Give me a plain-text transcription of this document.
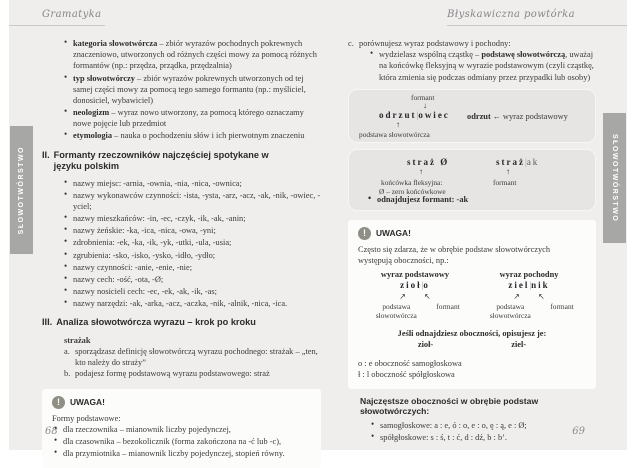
Gramatyka	Błyskawiczna powtórka
SŁOWOTWÓRSTWO	SŁOWOTWÓRSTWO
• kategoria słowotwórcza – zbiór wyrazów pochodnych pokrewnych znaczeniowo, utworzonych od różnych części mowy za pomocą różnych formantów (np.: przędza, prządka, przędzalnia)
• typ słowotwórczy – zbiór wyrazów pokrewnych utworzonych od tej samej części mowy za pomocą tego samego formantu (np.: myśliciel, donosiciel, wybawiciel)
• neologizm – wyraz nowo utworzony, za pomocą którego oznaczamy nowe pojęcie lub przedmiot
• etymologia – nauka o pochodzeniu słów i ich pierwotnym znaczeniu
II. Formanty rzeczowników najczęściej spotykane w języku polskim
• nazwy miejsc: -arnia, -ownia, -nia, -nica, -ownica;
• nazwy wykonawców czynności: -ista, -ysta, -arz, -acz, -ak, -nik, -owiec, -yciel;
• nazwy mieszkańców: -in, -ec, -czyk, -ik, -ak, -anin;
• nazwy żeńskie: -ka, -ica, -nica, -owa, -yni;
• zdrobnienia: -ek, -ka, -ik, -yk, -utki, -ula, -usia;
• zgrubienia: -sko, -isko, -ysko, -idło, -ydło;
• nazwy czynności: -anie, -enie, -nie;
• nazwy cech: -ość, -ota, -Ø;
• nazwy nosicieli cech: -ec, -ek, -ak, -ik, -as;
• nazwy narzędzi: -ak, -arka, -acz, -aczka, -nik, -alnik, -nica, -ica.
III. Analiza słowotwórcza wyrazu – krok po kroku
strażak
a. sporządzasz definicję słowotwórczą wyrazu pochodnego: strażak – „ten, kto należy do straży”
b. podajesz formę podstawową wyrazu podstawowego: straż
!	UWAGA!
Formy podstawowe:
• dla rzeczownika – mianownik liczby pojedynczej,
• dla czasownika – bezokolicznik (forma zakończona na -ć lub -c),
• dla przymiotnika – mianownik liczby pojedynczej, stopień równy.
c. porównujesz wyraz podstawowy i pochodny:
• wydzielasz wspólną cząstkę – podstawę słowotwórczą, uważaj na końcówkę fleksyjną w wyrazie podstawowym (czyli cząstkę, która zmienia się podczas odmiany przez przypadki lub osoby)
formant
↓
odrzut|owiec
↑
podstawa słowotwórcza
odrzut ← wyraz podstawowy
straż Ø
↑
końcówka fleksyjna:
Ø – zero końcówkowe
straż|ak
↑
formant
• odnajdujesz formant: -ak
!	UWAGA!
Często się zdarza, że w obrębie podstaw słowotwórczych występują oboczności, np.:
wyraz podstawowy
zioł|o
↗ ↖
podstawa słowotwórcza
formant
wyraz pochodny
ziel|nik
↗ ↖
podstawa słowotwórcza
formant
Jeśli odnajdziesz oboczności, opisujesz je:
zioł-	ziel-
o : e oboczność samogłoskowa
ł : l oboczność spółgłoskowa
Najczęstsze oboczności w obrębie podstaw słowotwórczych:
• samogłoskowe: a : e, ó : o, e : o, ę : ą, e : Ø;
• spółgłoskowe: s : ś, t : ć, d : dź, b : b’.
68	69
